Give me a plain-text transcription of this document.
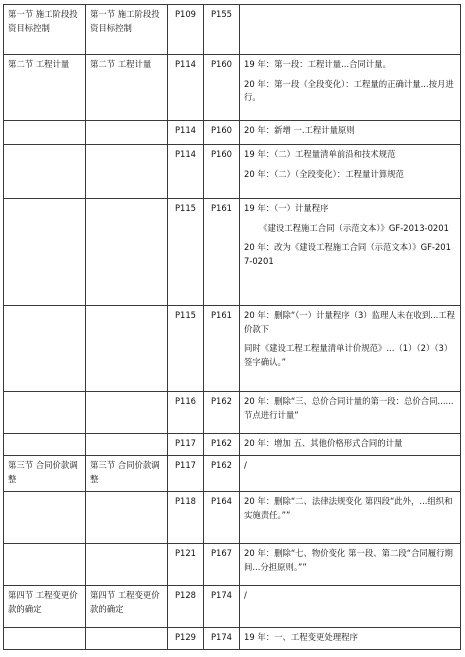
第一节 施工阶段投资目标控制	第一节 施工阶段投资目标控制	P109	P155	
第二节 工程计量	第二节 工程计量	P114	P160	19 年：第一段：工程计量...合同计量。

20 年：第一段（全段变化）：工程量的正确计量...按月进行。

		P114	P160	20 年：新增 一.工程计量原则

		P114	P160	19 年：（二）工程量清单前沿和技术规范

20 年：（二）（全段变化）：工程量计算规范

		P115	P161	19 年：（一）计量程序

《建设工程施工合同（示范文本）》GF-2013-0201

20 年：改为《建设工程施工合同（示范文本）》GF-2017-0201

		P115	P161	20 年：删除“（一）计量程序（3）监理人未在收到...工程价款下

同时《建设工程工程量清单计价规范》...（1）（2）（3）签字确认。”

		P116	P162	20 年：删除“三、总价合同计量的第一段：总价合同......节点进行计量”

		P117	P162	20 年：增加 五、其他价格形式合同的计量

第三节 合同价款调整	第三节 合同价款调整	P117	P162	/

		P118	P164	20 年：删除“二、法律法规变化 第四段“此外，...组织和实施责任。””

		P121	P167	20 年：删除“七、物价变化 第一段、第二段“合同履行期间...分担原则。””

第四节 工程变更价款的确定	第四节 工程变更价款的确定	P128	P174	/

		P129	P174	19 年：一、工程变更处理程序
